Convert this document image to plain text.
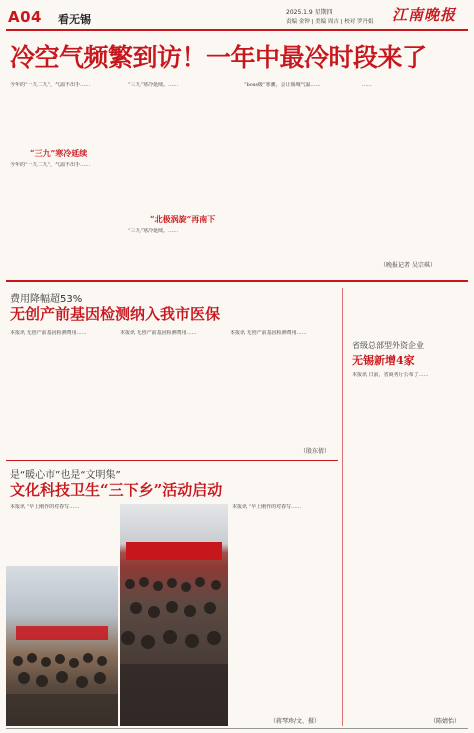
A04 看无锡
2025.1.9 星期四
责编 金钟 | 美编 周吉 | 校对 罗丹娟 江南晚报
冷空气频繁到访！一年中最冷时段来了
今年的“一九二九”，气温不出手……
“三九”寒冷延续
今年的“一九二九”，气温不出手……
“三九”寒冷延续。……
“北极涡旋”再南下
“三九”寒冷延续。……
“boss级”寒潮，会让锡城气温……	……
（晚报记者 吴宗琪）
费用降幅超53%
无创产前基因检测纳入我市医保
本报讯 无创产前基因检测费用……	本报讯 无创产前基因检测费用……	本报讯 无创产前基因检测费用……
（殷东倩）
是“暖心市”也是“文明集”
文化科技卫生“三下乡”活动启动
本报讯 “早上刚作的对春写……	本报讯 “早上刚作的对春写……
（蒋琴珍/文、摄）
省级总部型外资企业
无锡新增4家
本报讯 日前，省商务厅公布了……
（陈婧怡）
